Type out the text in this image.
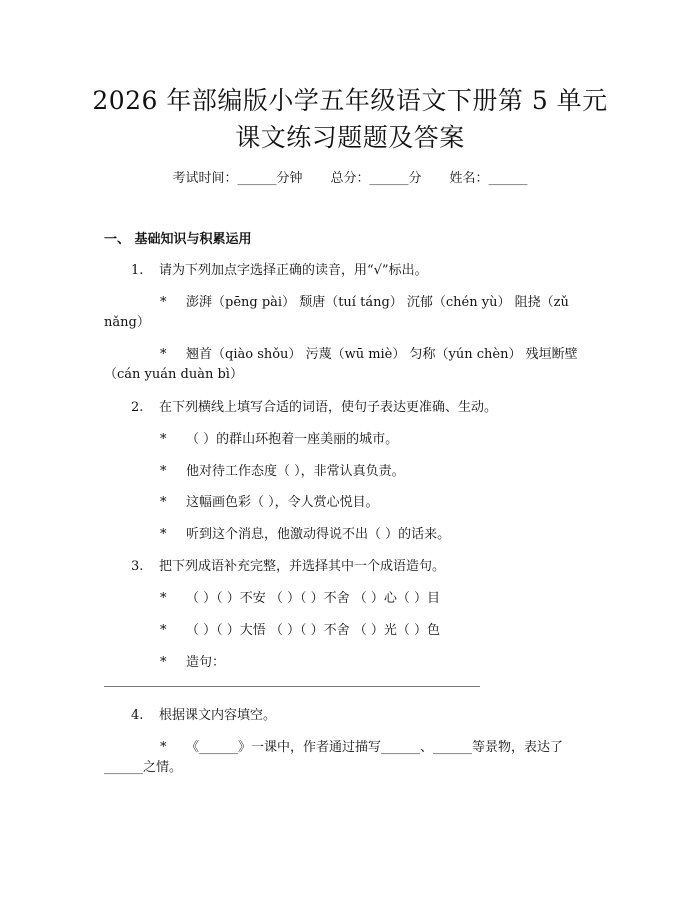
2026 年部编版小学五年级语文下册第 5 单元
课文练习题题及答案
考试时间：______分钟 总分：______分 姓名：______
一、 基础知识与积累运用
1. 请为下列加点字选择正确的读音，用“√”标出。
* 澎湃（pēng pài） 颓唐（tuí táng） 沉郁（chén yù） 阻挠（zǔ
nǎng）
* 翘首（qiào shǒu） 污蔑（wū miè） 匀称（yún chèn） 残垣断壁
（cán yuán duàn bì）
2. 在下列横线上填写合适的词语，使句子表达更准确、生动。
* （ ）的群山环抱着一座美丽的城市。
* 他对待工作态度（ ），非常认真负责。
* 这幅画色彩（ ），令人赏心悦目。
* 听到这个消息，他激动得说不出（ ）的话来。
3. 把下列成语补充完整，并选择其中一个成语造句。
* （ ）（ ）不安 （ ）（ ）不舍 （ ）心（ ）目
* （ ）（ ）大悟 （ ）（ ）不舍 （ ）光（ ）色
* 造句：
4. 根据课文内容填空。
* 《______》一课中，作者通过描写______、______等景物，表达了
______之情。
